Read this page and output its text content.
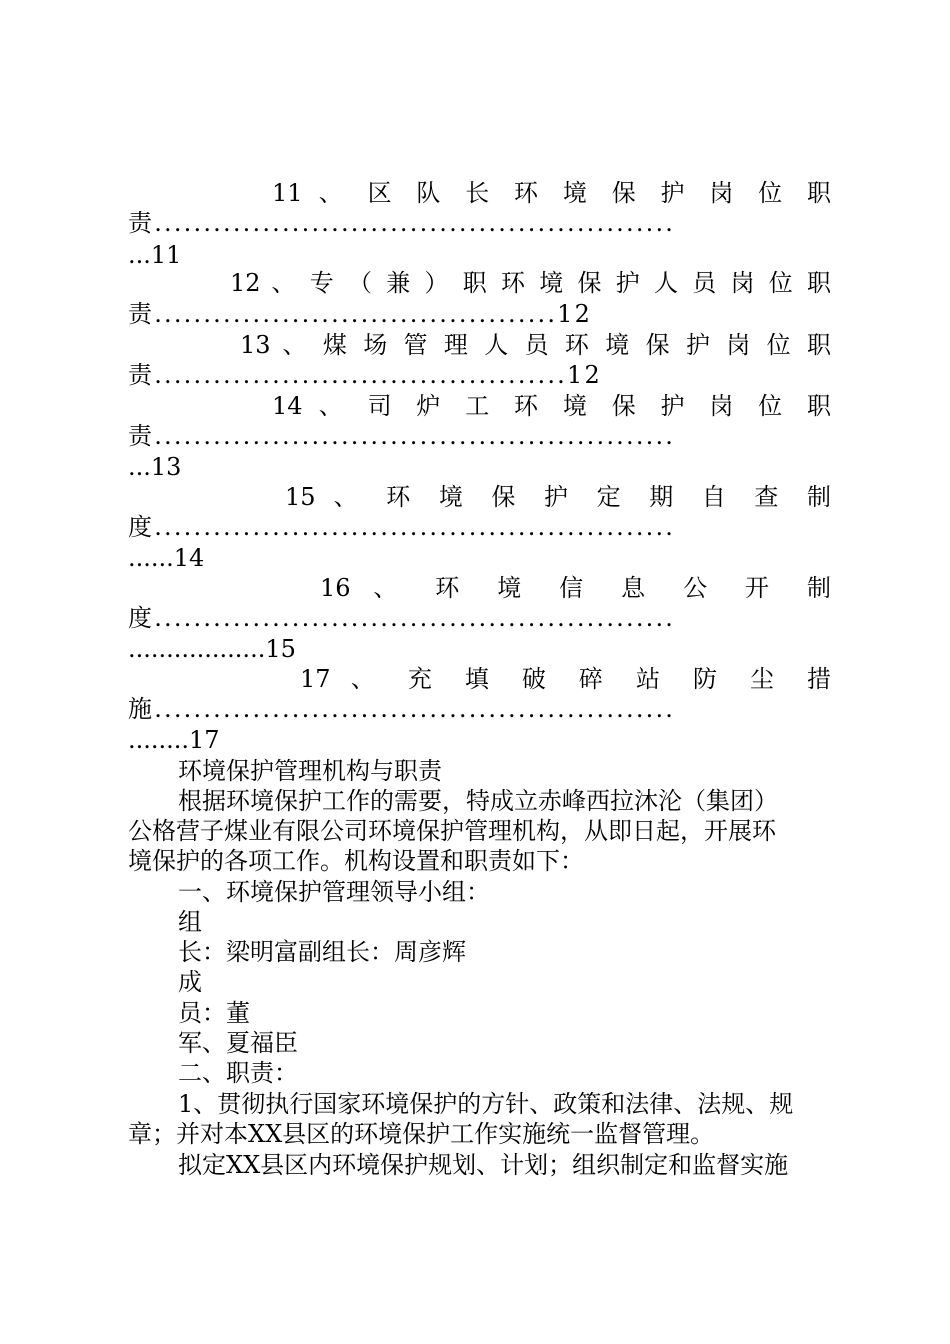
11 、 区 队 长 环 境 保 护 岗 位 职
责.....................................................
...11
12 、 专 （ 兼 ） 职 环 境 保 护 人 员 岗 位 职
责.........................................12
13 、 煤 场 管 理 人 员 环 境 保 护 岗 位 职
责..........................................12
14 、 司 炉 工 环 境 保 护 岗 位 职
责.....................................................
...13
15 、 环 境 保 护 定 期 自 查 制
度.....................................................
......14
16 、 环 境 信 息 公 开 制
度.....................................................
..................15
17 、 充 填 破 碎 站 防 尘 措
施.....................................................
........17
环境保护管理机构与职责
根据环境保护工作的需要，特成立赤峰西拉沐沦（集团）
公格营子煤业有限公司环境保护管理机构，从即日起，开展环
境保护的各项工作。机构设置和职责如下：
一、环境保护管理领导小组：
组
长：梁明富副组长：周彦辉
成
员：董
军、夏福臣
二、职责：
1、贯彻执行国家环境保护的方针、政策和法律、法规、规
章；并对本XX县区的环境保护工作实施统一监督管理。
拟定XX县区内环境保护规划、计划；组织制定和监督实施
